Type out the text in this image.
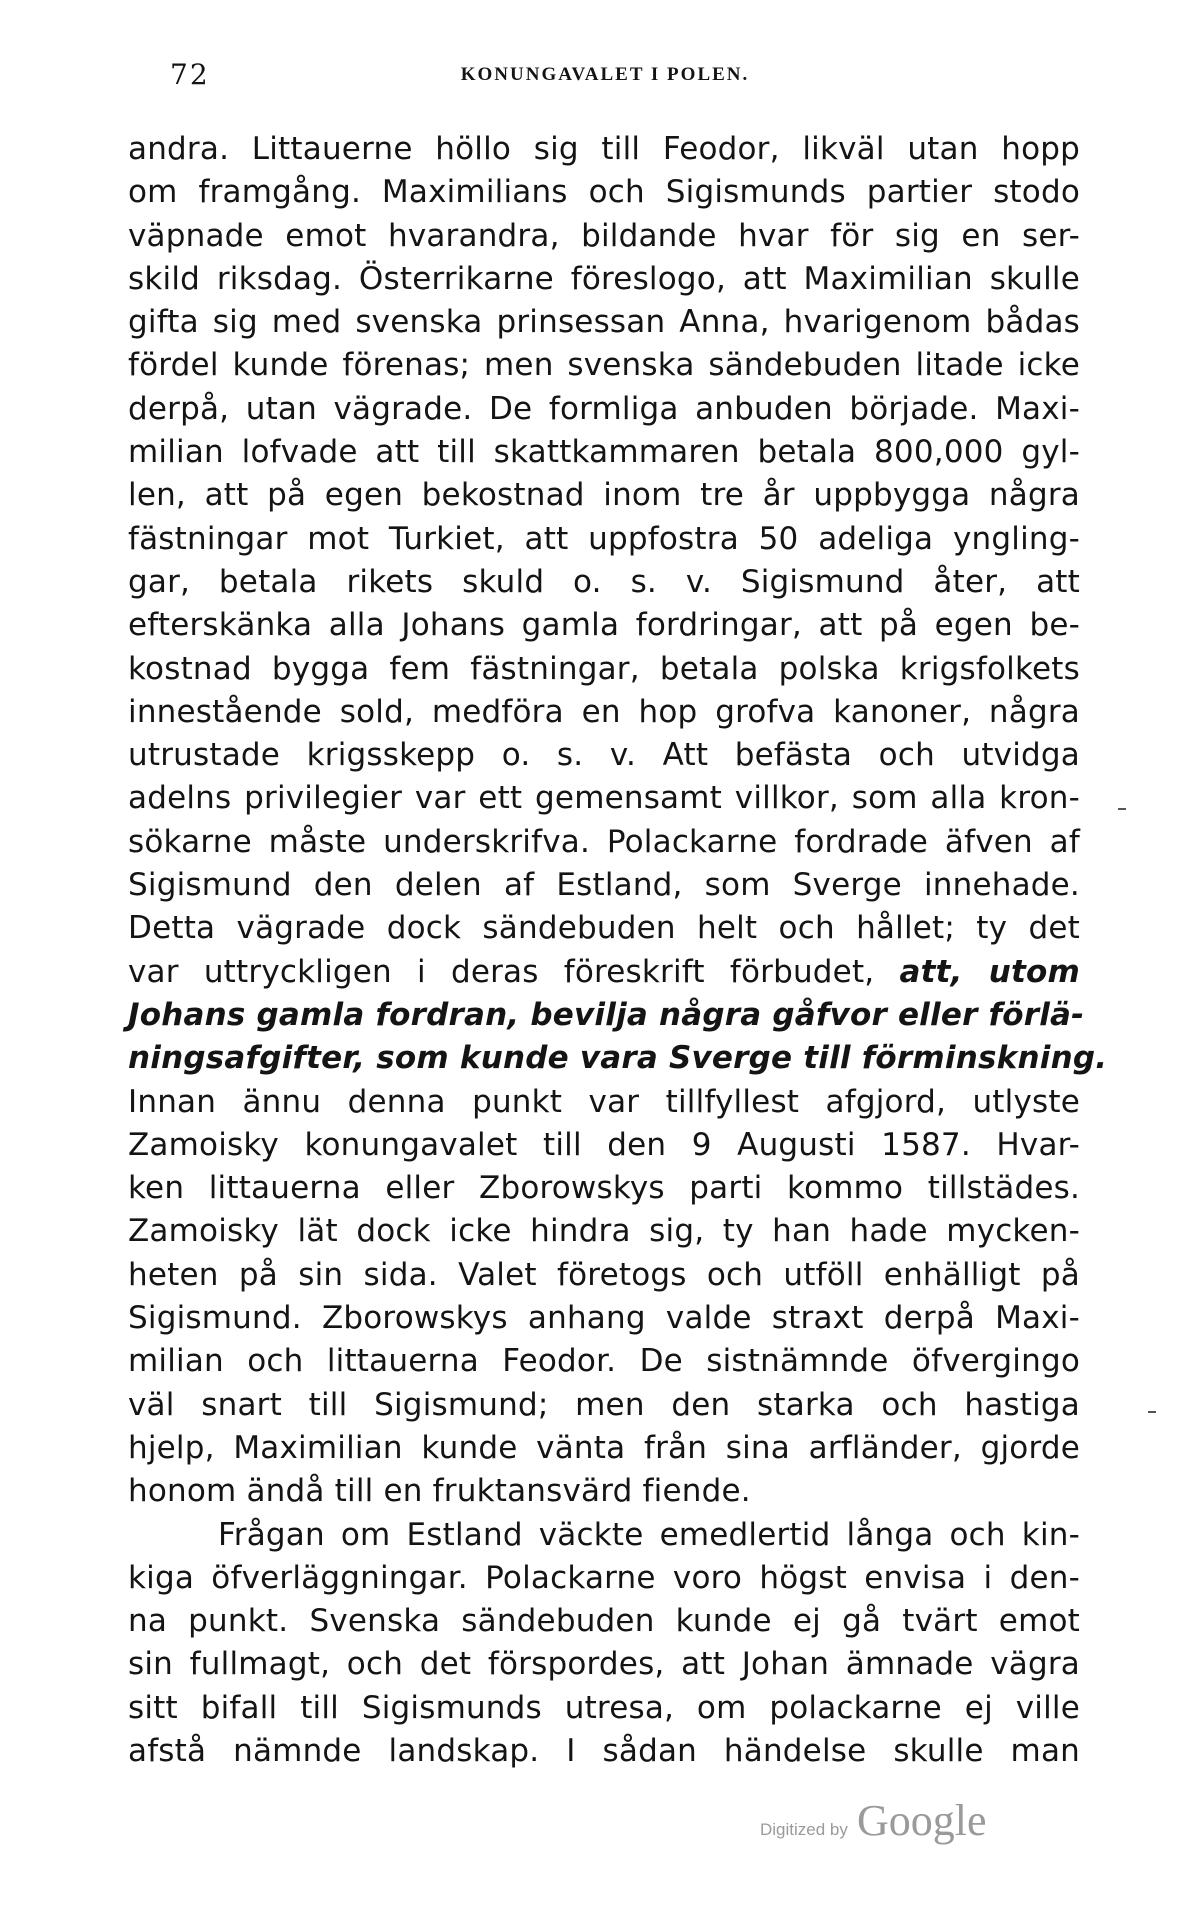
72	KONUNGAVALET I POLEN.
andra. Littauerne höllo sig till Feodor, likväl utan hopp
om framgång. Maximilians och Sigismunds partier stodo
väpnade emot hvarandra, bildande hvar för sig en ser-
skild riksdag. Österrikarne föreslogo, att Maximilian skulle
gifta sig med svenska prinsessan Anna, hvarigenom bådas
fördel kunde förenas; men svenska sändebuden litade icke
derpå, utan vägrade. De formliga anbuden började. Maxi-
milian lofvade att till skattkammaren betala 800,000 gyl-
len, att på egen bekostnad inom tre år uppbygga några
fästningar mot Turkiet, att uppfostra 50 adeliga yngling-
gar, betala rikets skuld o. s. v. Sigismund åter, att
efterskänka alla Johans gamla fordringar, att på egen be-
kostnad bygga fem fästningar, betala polska krigsfolkets
innestående sold, medföra en hop grofva kanoner, några
utrustade krigsskepp o. s. v. Att befästa och utvidga
adelns privilegier var ett gemensamt villkor, som alla kron-
sökarne måste underskrifva. Polackarne fordrade äfven af
Sigismund den delen af Estland, som Sverge innehade.
Detta vägrade dock sändebuden helt och hållet; ty det
var uttryckligen i deras föreskrift förbudet, att, utom
Johans gamla fordran, bevilja några gåfvor eller förlä-
ningsafgifter, som kunde vara Sverge till förminskning.
Innan ännu denna punkt var tillfyllest afgjord, utlyste
Zamoisky konungavalet till den 9 Augusti 1587. Hvar-
ken littauerna eller Zborowskys parti kommo tillstädes.
Zamoisky lät dock icke hindra sig, ty han hade mycken-
heten på sin sida. Valet företogs och utföll enhälligt på
Sigismund. Zborowskys anhang valde straxt derpå Maxi-
milian och littauerna Feodor. De sistnämnde öfvergingo
väl snart till Sigismund; men den starka och hastiga
hjelp, Maximilian kunde vänta från sina arfländer, gjorde
honom ändå till en fruktansvärd fiende.
Frågan om Estland väckte emedlertid långa och kin-
kiga öfverläggningar. Polackarne voro högst envisa i den-
na punkt. Svenska sändebuden kunde ej gå tvärt emot
sin fullmagt, och det förspordes, att Johan ämnade vägra
sitt bifall till Sigismunds utresa, om polackarne ej ville
afstå nämnde landskap. I sådan händelse skulle man
Digitized by Google
